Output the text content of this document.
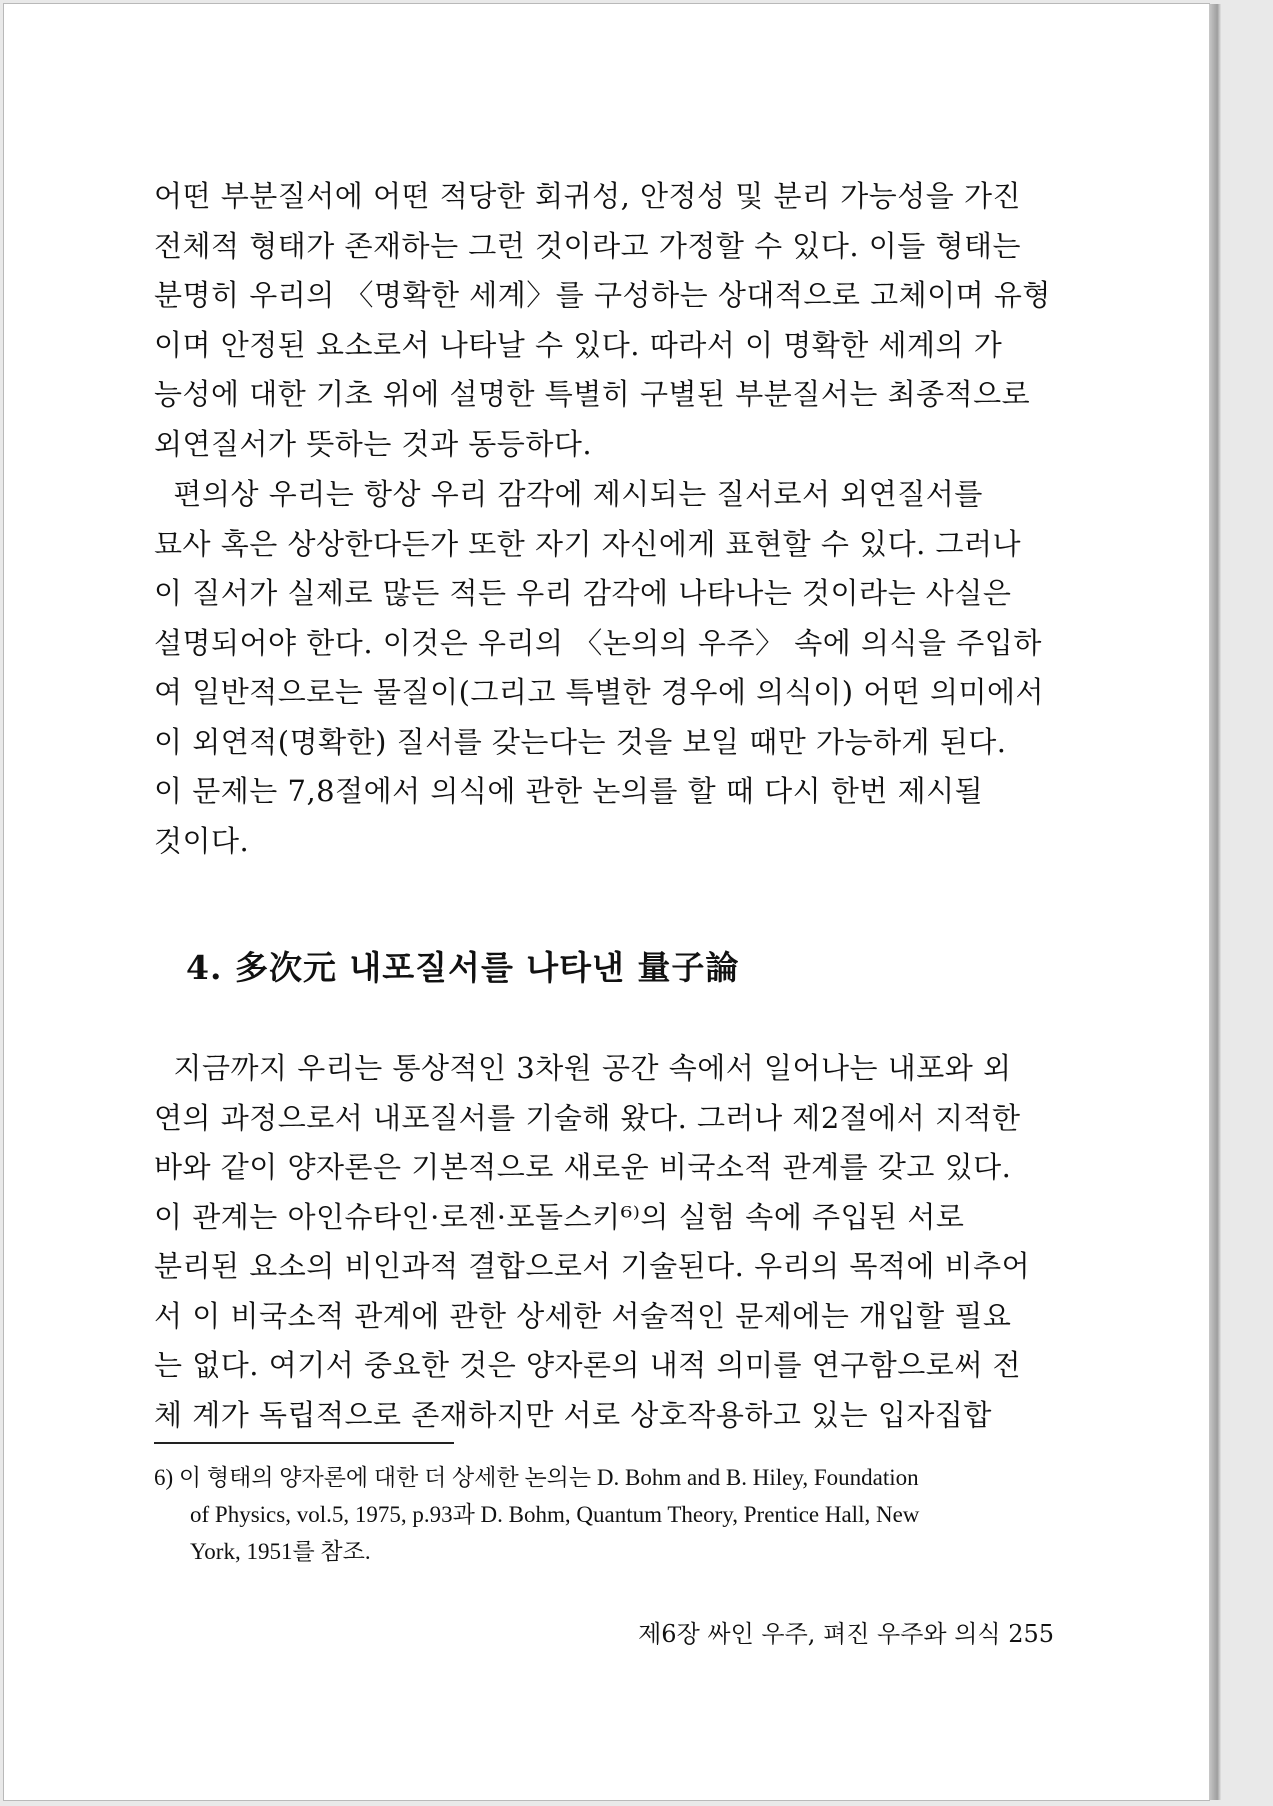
어떤 부분질서에 어떤 적당한 회귀성, 안정성 및 분리 가능성을 가진
전체적 형태가 존재하는 그런 것이라고 가정할 수 있다. 이들 형태는
분명히 우리의 〈명확한 세계〉를 구성하는 상대적으로 고체이며 유형
이며 안정된 요소로서 나타날 수 있다. 따라서 이 명확한 세계의 가
능성에 대한 기초 위에 설명한 특별히 구별된 부분질서는 최종적으로
외연질서가 뜻하는 것과 동등하다.
편의상 우리는 항상 우리 감각에 제시되는 질서로서 외연질서를
묘사 혹은 상상한다든가 또한 자기 자신에게 표현할 수 있다. 그러나
이 질서가 실제로 많든 적든 우리 감각에 나타나는 것이라는 사실은
설명되어야 한다. 이것은 우리의 〈논의의 우주〉 속에 의식을 주입하
여 일반적으로는 물질이(그리고 특별한 경우에 의식이) 어떤 의미에서
이 외연적(명확한) 질서를 갖는다는 것을 보일 때만 가능하게 된다.
이 문제는 7,8절에서 의식에 관한 논의를 할 때 다시 한번 제시될
것이다.
4. 多次元 내포질서를 나타낸 量子論
지금까지 우리는 통상적인 3차원 공간 속에서 일어나는 내포와 외
연의 과정으로서 내포질서를 기술해 왔다. 그러나 제2절에서 지적한
바와 같이 양자론은 기본적으로 새로운 비국소적 관계를 갖고 있다.
이 관계는 아인슈타인·로젠·포돌스키⁶⁾의 실험 속에 주입된 서로
분리된 요소의 비인과적 결합으로서 기술된다. 우리의 목적에 비추어
서 이 비국소적 관계에 관한 상세한 서술적인 문제에는 개입할 필요
는 없다. 여기서 중요한 것은 양자론의 내적 의미를 연구함으로써 전
체 계가 독립적으로 존재하지만 서로 상호작용하고 있는 입자집합
6) 이 형태의 양자론에 대한 더 상세한 논의는 D. Bohm and B. Hiley, Foundation
of Physics, vol.5, 1975, p.93과 D. Bohm, Quantum Theory, Prentice Hall, New
York, 1951를 참조.

제6장 싸인 우주, 펴진 우주와 의식 255
